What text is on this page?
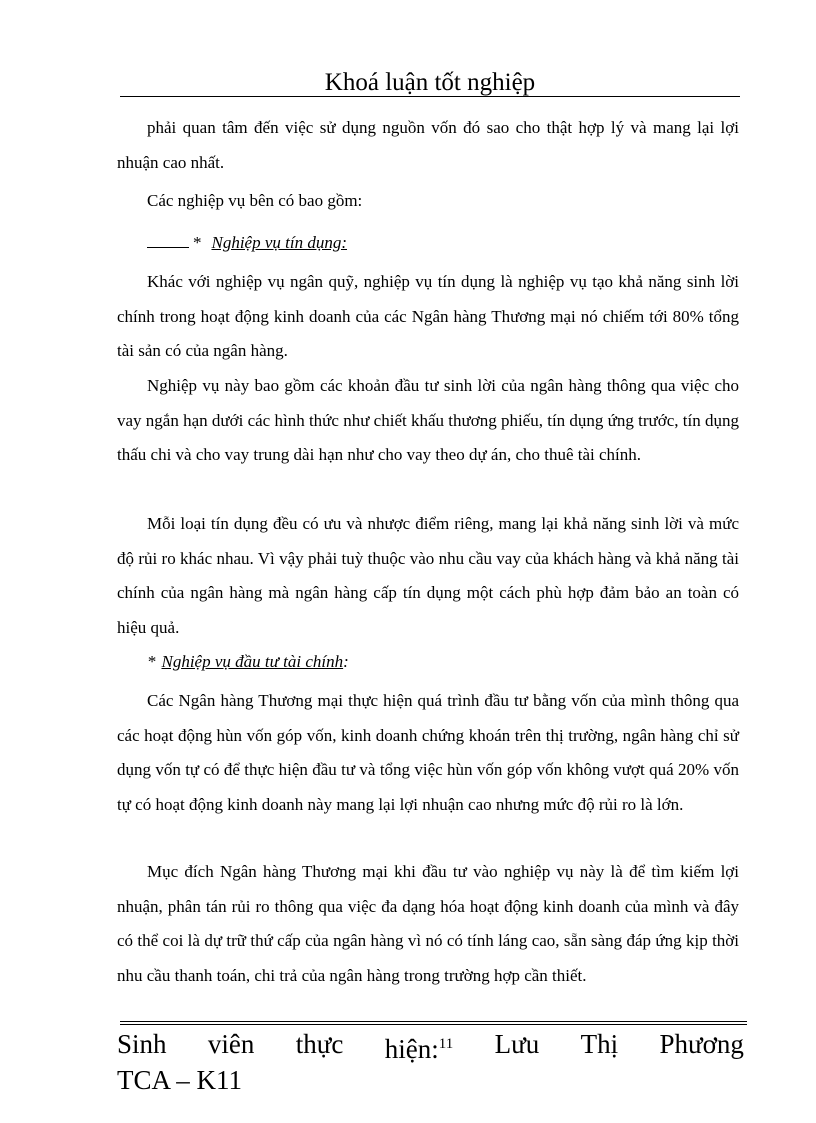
Khoá luận tốt nghiệp

phải quan tâm đến việc sử dụng nguồn vốn đó sao cho thật hợp lý và mang lại lợi nhuận cao nhất.

Các nghiệp vụ bên có bao gồm:

* Nghiệp vụ tín dụng:

Khác với nghiệp vụ ngân quỹ, nghiệp vụ tín dụng là nghiệp vụ tạo khả năng sinh lời chính trong hoạt động kinh doanh của các Ngân hàng Thương mại nó chiếm tới 80% tổng tài sản có của ngân hàng.

Nghiệp vụ này bao gồm các khoản đầu tư sinh lời của ngân hàng thông qua việc cho vay ngắn hạn dưới các hình thức như chiết khấu thương phiếu, tín dụng ứng trước, tín dụng thấu chi và cho vay trung dài hạn như cho vay theo dự án, cho thuê tài chính.

Mỗi loại tín dụng đều có ưu và nhược điểm riêng, mang lại khả năng sinh lời và mức độ rủi ro khác nhau. Vì vậy phải tuỳ thuộc vào nhu cầu vay của khách hàng và khả năng tài chính của ngân hàng mà ngân hàng cấp tín dụng một cách phù hợp đảm bảo an toàn có hiệu quả.

* Nghiệp vụ đầu tư tài chính:

Các Ngân hàng Thương mại thực hiện quá trình đầu tư bằng vốn của mình thông qua các hoạt động hùn vốn góp vốn, kinh doanh chứng khoán trên thị trường, ngân hàng chỉ sử dụng vốn tự có để thực hiện đầu tư và tổng việc hùn vốn góp vốn không vượt quá 20% vốn tự có hoạt động kinh doanh này mang lại lợi nhuận cao nhưng mức độ rủi ro là lớn.

Mục đích Ngân hàng Thương mại khi đầu tư vào nghiệp vụ này là để tìm kiếm lợi nhuận, phân tán rủi ro thông qua việc đa dạng hóa hoạt động kinh doanh của mình và đây có thể coi là dự trữ thứ cấp của ngân hàng vì nó có tính láng cao, sẵn sàng đáp ứng kịp thời nhu cầu thanh toán, chi trả của ngân hàng trong trường hợp cần thiết.

Sinh viên thực hiện:$^{11}$ Lưu Thị Phương
TCA – K11
